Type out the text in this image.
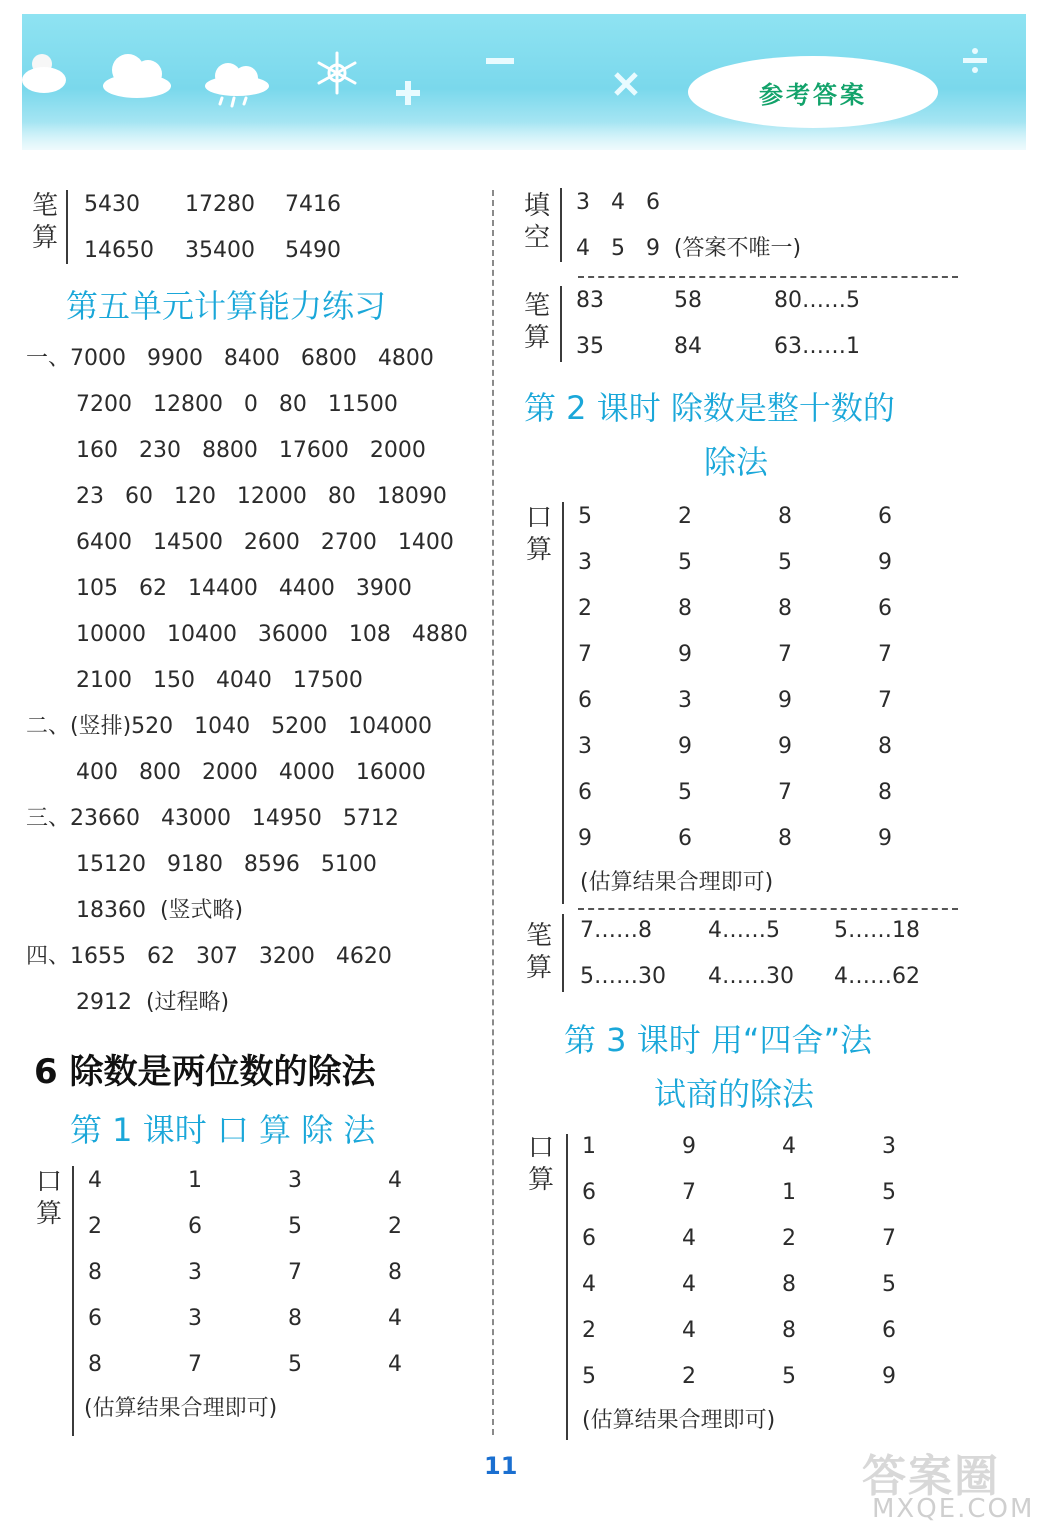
参考答案
笔算
5430 17280 7416
14650 35400 5490
第五单元计算能力练习
一、7000   9900   8400   6800   4800
7200   12800   0   80   11500
160   230   8800   17600   2000
23   60   120   12000   80   18090
6400   14500   2600   2700   1400
105   62   14400   4400   3900
10000   10400   36000   108   4880
2100   150   4040   17500
二、(竖排)520   1040   5200   104000
400   800   2000   4000   16000
三、23660   43000   14950   5712
15120   9180   8596   5100
18360  (竖式略)
四、1655   62   307   3200   4620
2912  (过程略)
6 除数是两位数的除法
第 1 课时 口 算 除 法
口算
4	1	3	4
2	6	5	2
8	3	7	8
6	3	8	4
8	7	5	4
(估算结果合理即可)
填空
3   4   6
4   5   9  (答案不唯一)
笔算
83	58	80……5
35	84	63……1
第 2 课时 除数是整十数的
除法
口算
5	2	8	6
3	5	5	9
2	8	8	6
7	9	7	7
6	3	9	7
3	9	9	8
6	5	7	8
9	6	8	9
(估算结果合理即可)
笔算
7……8	4……5 5……18
5……30 4……30 4……62
第 3 课时 用“四舍”法
试商的除法
口算
1	9	4	3
6	7	1	5
6	4	2	7
4	4	8	5
2	4	8	6
5	2	5	9
(估算结果合理即可)
11	答案圈
MXQE.COM
